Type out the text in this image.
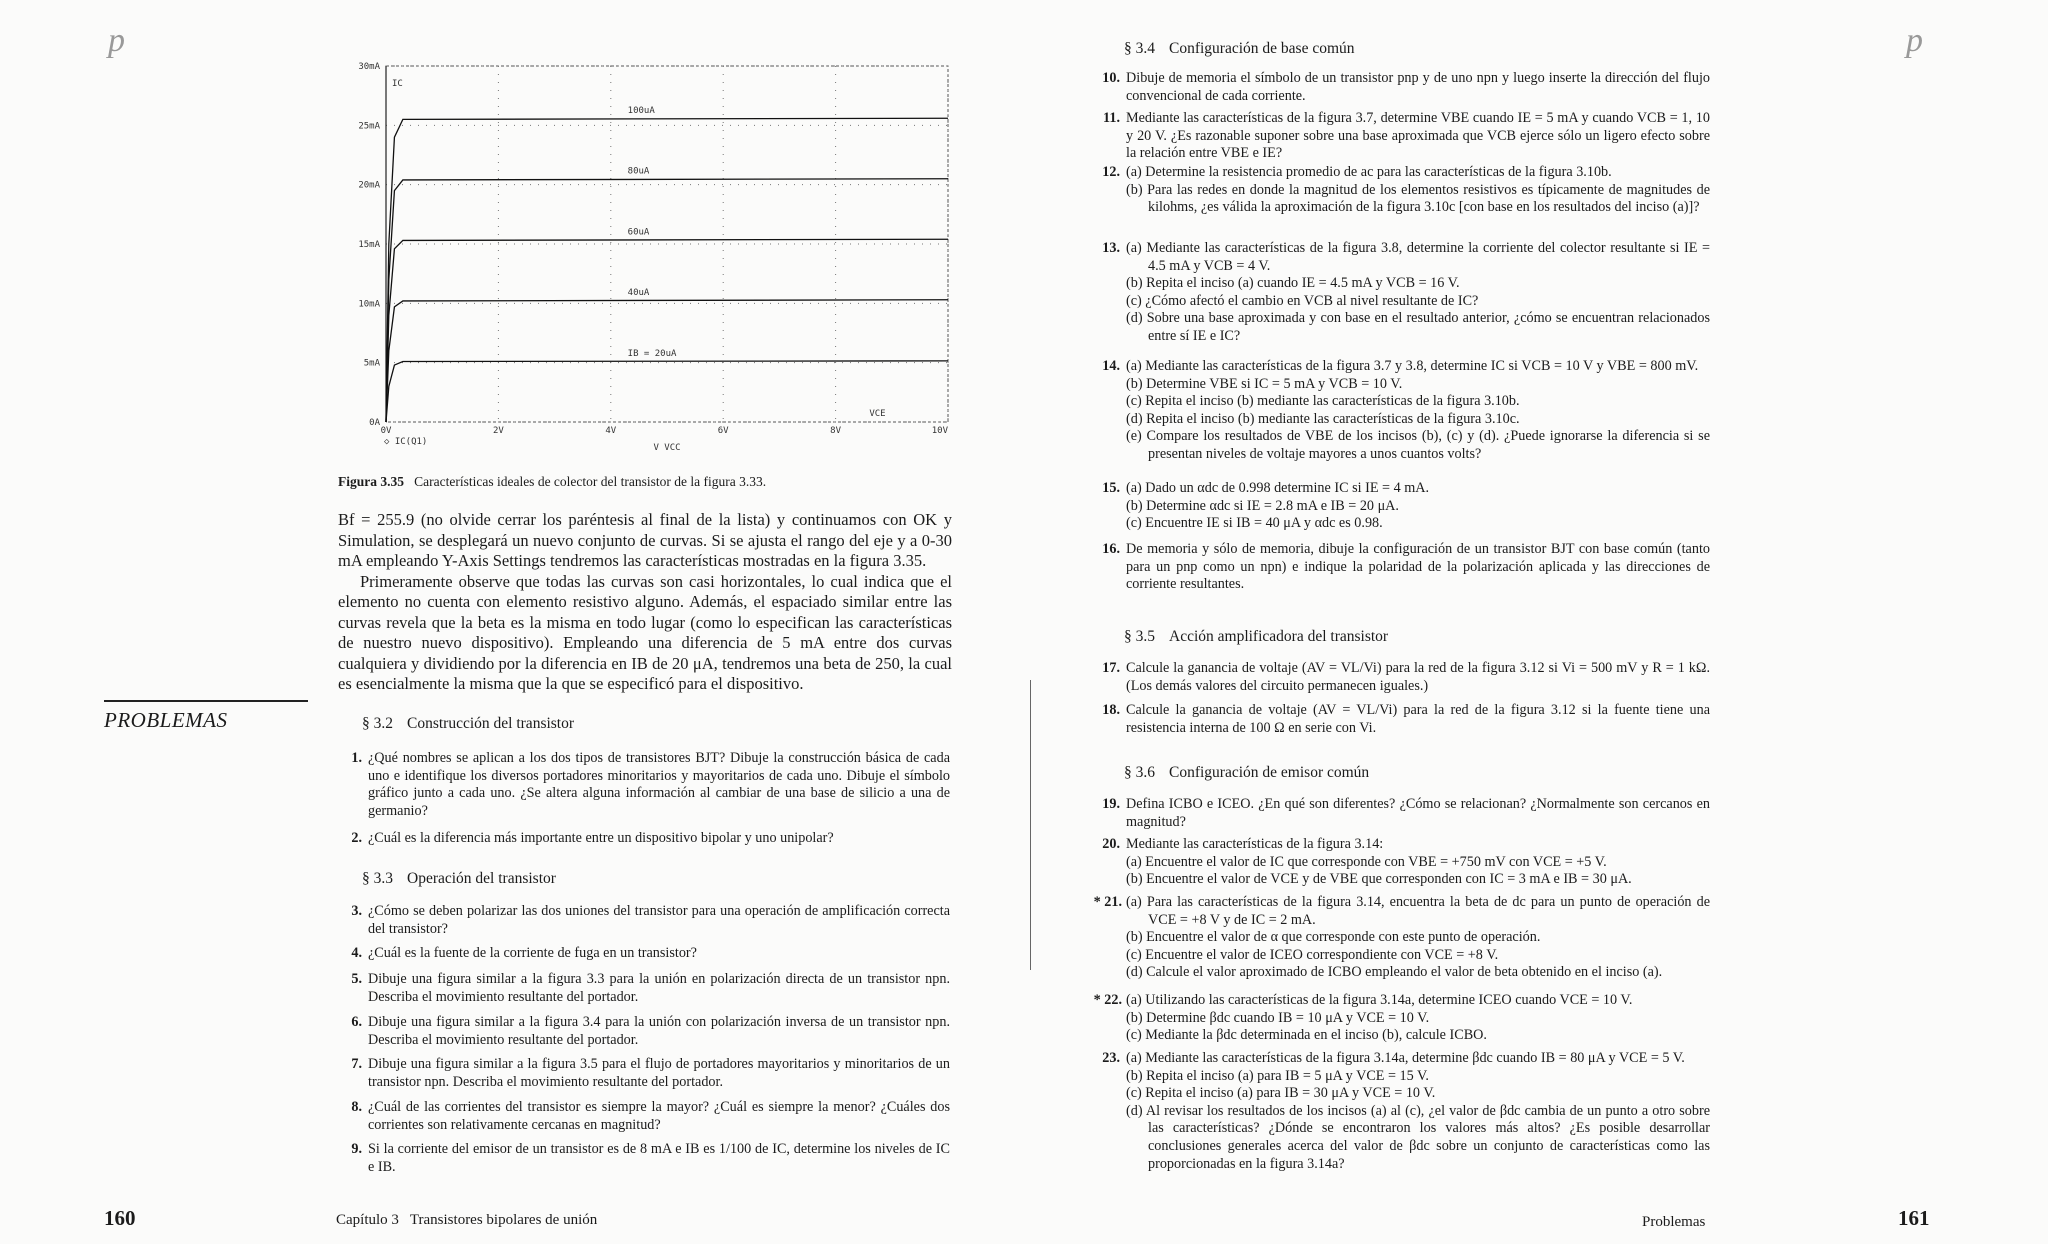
p	p
0A
5mA
10mA
15mA
20mA
25mA
30mA
0V	2V	4V	6V	8V	10V
IC
VCE
◇ IC(Q1)
V VCC
100uA
80uA
60uA
40uA
IB = 20uA
Figura 3.35 Características ideales de colector del transistor de la figura 3.33.

Bf = 255.9 (no olvide cerrar los paréntesis al final de la lista) y continuamos con OK y Simulation, se desplegará un nuevo conjunto de curvas. Si se ajusta el rango del eje y a 0-30 mA empleando Y-Axis Settings tendremos las características mostradas en la figura 3.35.

Primeramente observe que todas las curvas son casi horizontales, lo cual indica que el elemento no cuenta con elemento resistivo alguno. Además, el espaciado similar entre las curvas revela que la beta es la misma en todo lugar (como lo especifican las características de nuestro nuevo dispositivo). Empleando una diferencia de 5 mA entre dos curvas cualquiera y dividiendo por la diferencia en IB de 20 μA, tendremos una beta de 250, la cual es esencialmente la misma que la que se especificó para el dispositivo.

PROBLEMAS	§ 3.2 Construcción del transistor
1. ¿Qué nombres se aplican a los dos tipos de transistores BJT? Dibuje la construcción básica de cada uno e identifique los diversos portadores minoritarios y mayoritarios de cada uno. Dibuje el símbolo gráfico junto a cada uno. ¿Se altera alguna información al cambiar de una base de silicio a una de germanio?
2. ¿Cuál es la diferencia más importante entre un dispositivo bipolar y uno unipolar?
§ 3.3 Operación del transistor
3. ¿Cómo se deben polarizar las dos uniones del transistor para una operación de amplificación correcta del transistor?
4. ¿Cuál es la fuente de la corriente de fuga en un transistor?
5. Dibuje una figura similar a la figura 3.3 para la unión en polarización directa de un transistor npn. Describa el movimiento resultante del portador.
6. Dibuje una figura similar a la figura 3.4 para la unión con polarización inversa de un transistor npn. Describa el movimiento resultante del portador.
7. Dibuje una figura similar a la figura 3.5 para el flujo de portadores mayoritarios y minoritarios de un transistor npn. Describa el movimiento resultante del portador.
8. ¿Cuál de las corrientes del transistor es siempre la mayor? ¿Cuál es siempre la menor? ¿Cuáles dos corrientes son relativamente cercanas en magnitud?
9. Si la corriente del emisor de un transistor es de 8 mA e IB es 1/100 de IC, determine los niveles de IC e IB.
160	Capítulo 3   Transistores bipolares de unión
§ 3.4 Configuración de base común
10. Dibuje de memoria el símbolo de un transistor pnp y de uno npn y luego inserte la dirección del flujo convencional de cada corriente.
11. Mediante las características de la figura 3.7, determine VBE cuando IE = 5 mA y cuando VCB = 1, 10 y 20 V. ¿Es razonable suponer sobre una base aproximada que VCB ejerce sólo un ligero efecto sobre la relación entre VBE e IE?
12. (a) Determine la resistencia promedio de ac para las características de la figura 3.10b.
(b) Para las redes en donde la magnitud de los elementos resistivos es típicamente de magnitudes de kilohms, ¿es válida la aproximación de la figura 3.10c [con base en los resultados del inciso (a)]?
13. (a) Mediante las características de la figura 3.8, determine la corriente del colector resultante si IE = 4.5 mA y VCB = 4 V.
(b) Repita el inciso (a) cuando IE = 4.5 mA y VCB = 16 V.
(c) ¿Cómo afectó el cambio en VCB al nivel resultante de IC?
(d) Sobre una base aproximada y con base en el resultado anterior, ¿cómo se encuentran relacionados entre sí IE e IC?
14. (a) Mediante las características de la figura 3.7 y 3.8, determine IC si VCB = 10 V y VBE = 800 mV.
(b) Determine VBE si IC = 5 mA y VCB = 10 V.
(c) Repita el inciso (b) mediante las características de la figura 3.10b.
(d) Repita el inciso (b) mediante las características de la figura 3.10c.
(e) Compare los resultados de VBE de los incisos (b), (c) y (d). ¿Puede ignorarse la diferencia si se presentan niveles de voltaje mayores a unos cuantos volts?
15. (a) Dado un αdc de 0.998 determine IC si IE = 4 mA.
(b) Determine αdc si IE = 2.8 mA e IB = 20 μA.
(c) Encuentre IE si IB = 40 μA y αdc es 0.98.
16. De memoria y sólo de memoria, dibuje la configuración de un transistor BJT con base común (tanto para un pnp como un npn) e indique la polaridad de la polarización aplicada y las direcciones de corriente resultantes.
§ 3.5 Acción amplificadora del transistor
17. Calcule la ganancia de voltaje (AV = VL/Vi) para la red de la figura 3.12 si Vi = 500 mV y R = 1 kΩ. (Los demás valores del circuito permanecen iguales.)
18. Calcule la ganancia de voltaje (AV = VL/Vi) para la red de la figura 3.12 si la fuente tiene una resistencia interna de 100 Ω en serie con Vi.
§ 3.6 Configuración de emisor común
19. Defina ICBO e ICEO. ¿En qué son diferentes? ¿Cómo se relacionan? ¿Normalmente son cercanos en magnitud?
20. Mediante las características de la figura 3.14:
(a) Encuentre el valor de IC que corresponde con VBE = +750 mV con VCE = +5 V.
(b) Encuentre el valor de VCE y de VBE que corresponden con IC = 3 mA e IB = 30 μA.
* 21. (a) Para las características de la figura 3.14, encuentra la beta de dc para un punto de operación de VCE = +8 V y de IC = 2 mA.
(b) Encuentre el valor de α que corresponde con este punto de operación.
(c) Encuentre el valor de ICEO correspondiente con VCE = +8 V.
(d) Calcule el valor aproximado de ICBO empleando el valor de beta obtenido en el inciso (a).
* 22. (a) Utilizando las características de la figura 3.14a, determine ICEO cuando VCE = 10 V.
(b) Determine βdc cuando IB = 10 μA y VCE = 10 V.
(c) Mediante la βdc determinada en el inciso (b), calcule ICBO.
23. (a) Mediante las características de la figura 3.14a, determine βdc cuando IB = 80 μA y VCE = 5 V.
(b) Repita el inciso (a) para IB = 5 μA y VCE = 15 V.
(c) Repita el inciso (a) para IB = 30 μA y VCE = 10 V.
(d) Al revisar los resultados de los incisos (a) al (c), ¿el valor de βdc cambia de un punto a otro sobre las características? ¿Dónde se encontraron los valores más altos? ¿Es posible desarrollar conclusiones generales acerca del valor de βdc sobre un conjunto de características como las proporcionadas en la figura 3.14a?
Problemas	161
